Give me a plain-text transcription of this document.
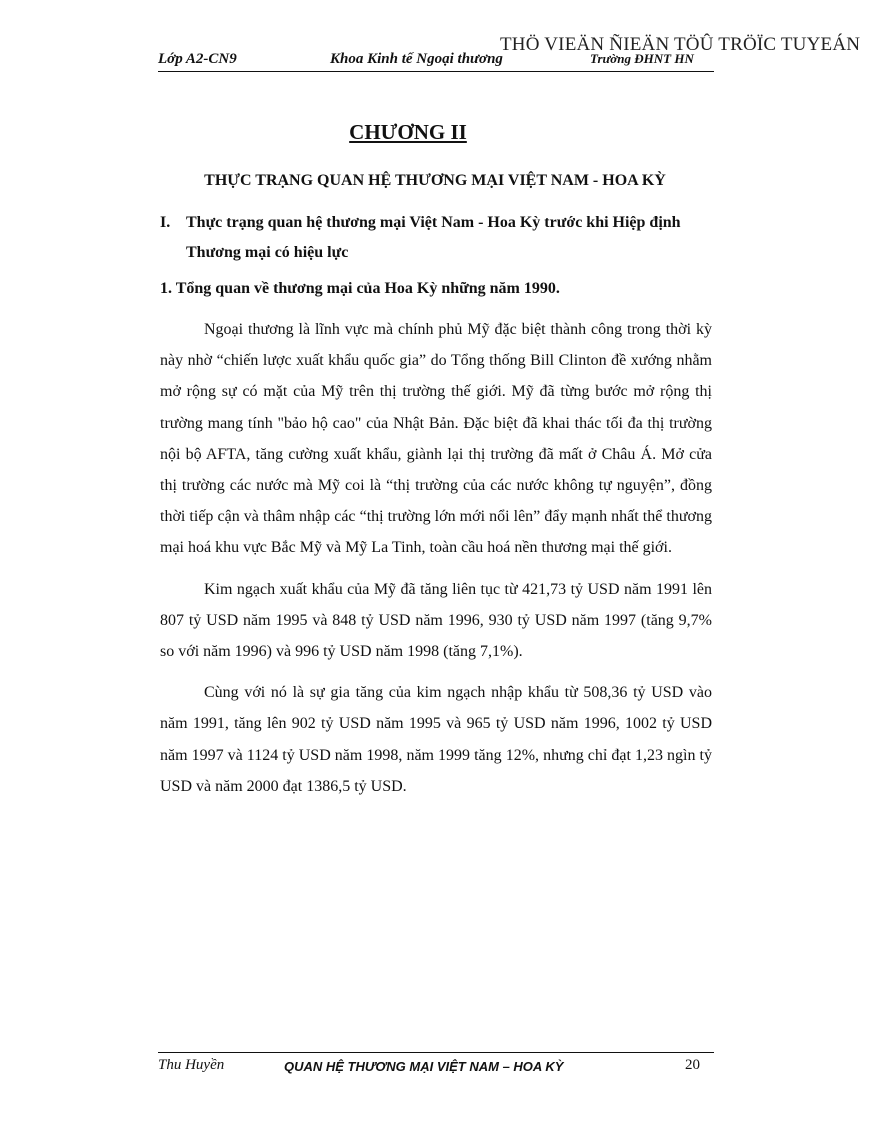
THÖ VIEÄN ÑIEÄN TÖÛ TRÖÏC TUYEÁN
Lớp A2-CN9	Khoa Kinh tế Ngoại thương	Trường ĐHNT HN
CHƯƠNG II
THỰC TRẠNG QUAN HỆ THƯƠNG MẠI VIỆT NAM - HOA KỲ
I. Thực trạng quan hệ thương mại Việt Nam - Hoa Kỳ trước khi Hiệp định Thương mại có hiệu lực
1. Tổng quan về thương mại của Hoa Kỳ những năm 1990.

Ngoại thương là lĩnh vực mà chính phủ Mỹ đặc biệt thành công trong thời kỳ này nhờ “chiến lược xuất khẩu quốc gia” do Tổng thống Bill Clinton đề xướng nhằm mở rộng sự có mặt của Mỹ trên thị trường thế giới. Mỹ đã từng bước mở rộng thị trường mang tính "bảo hộ cao" của Nhật Bản. Đặc biệt đã khai thác tối đa thị trường nội bộ AFTA, tăng cường xuất khẩu, giành lại thị trường đã mất ở Châu Á. Mở cửa thị trường các nước mà Mỹ coi là “thị trường của các nước không tự nguyện”, đồng thời tiếp cận và thâm nhập các “thị trường lớn mới nổi lên” đẩy mạnh nhất thể thương mại hoá khu vực Bắc Mỹ và Mỹ La Tinh, toàn cầu hoá nền thương mại thế giới.

Kim ngạch xuất khẩu của Mỹ đã tăng liên tục từ 421,73 tỷ USD năm 1991 lên 807 tỷ USD năm 1995 và 848 tỷ USD năm 1996, 930 tỷ USD năm 1997 (tăng 9,7% so với năm 1996) và 996 tỷ USD năm 1998 (tăng 7,1%).

Cùng với nó là sự gia tăng của kim ngạch nhập khẩu từ 508,36 tỷ USD vào năm 1991, tăng lên 902 tỷ USD năm 1995 và 965 tỷ USD năm 1996, 1002 tỷ USD năm 1997 và 1124 tỷ USD năm 1998, năm 1999 tăng 12%, nhưng chỉ đạt 1,23 ngìn tỷ USD và năm 2000 đạt 1386,5 tỷ USD.

Thu Huyền	QUAN HỆ THƯƠNG MẠI VIỆT NAM – HOA KỲ	20
